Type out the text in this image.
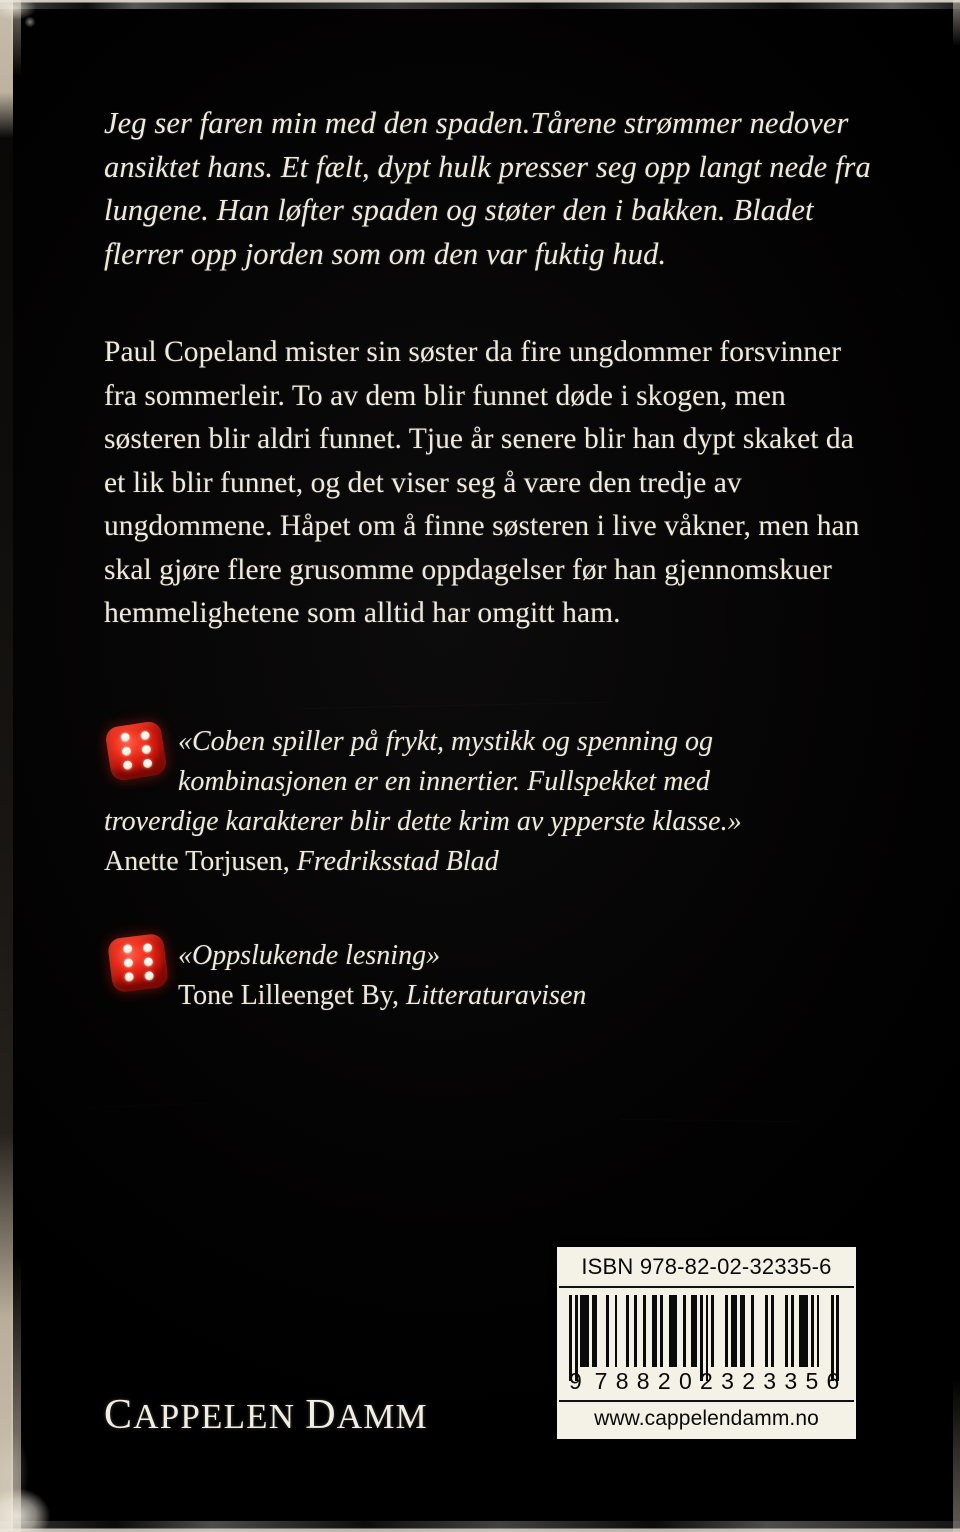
Jeg ser faren min med den spaden.Tårene strømmer nedover ansiktet hans. Et fælt, dypt hulk presser seg opp langt nede fra lungene. Han løfter spaden og støter den i bakken. Bladet flerrer opp jorden som om den var fuktig hud.

Paul Copeland mister sin søster da fire ungdommer forsvinner fra sommerleir. To av dem blir funnet døde i skogen, men søsteren blir aldri funnet. Tjue år senere blir han dypt skaket da et lik blir funnet, og det viser seg å være den tredje av ungdommene. Håpet om å finne søsteren i live våkner, men han skal gjøre flere grusomme oppdagelser før han gjennomskuer hemmelighetene som alltid har omgitt ham.

«Coben spiller på frykt, mystikk og spenning og
kombinasjonen er en innertier. Fullspekket med
troverdige karakterer blir dette krim av ypperste klasse.»
Anette Torjusen, Fredriksstad Blad

«Oppslukende lesning»
Tone Lilleenget By, Litteraturavisen

ISBN 978-82-02-32335-6
9 7 8 8 2 0 2 3 2 3 3 5 6
www.cappelendamm.no
CAPPELEN DAMM
